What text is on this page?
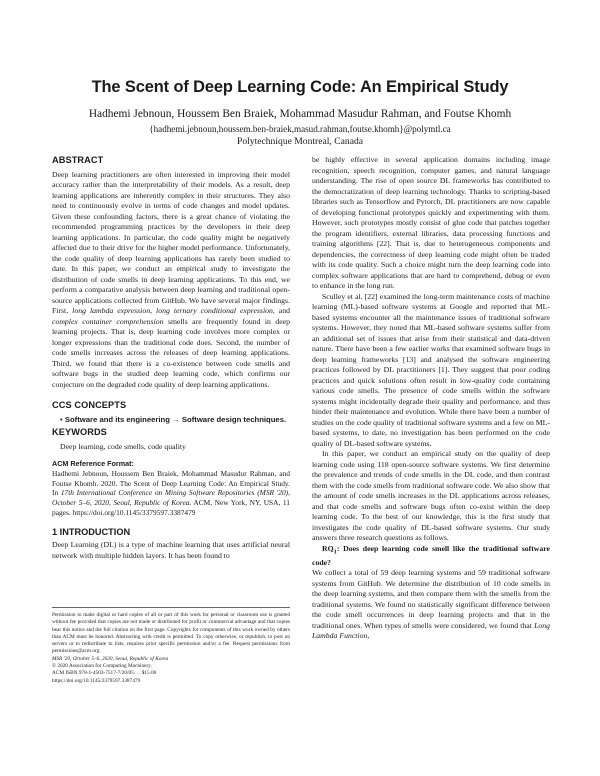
The Scent of Deep Learning Code: An Empirical Study
Hadhemi Jebnoun, Houssem Ben Braiek, Mohammad Masudur Rahman, and Foutse Khomh
{hadhemi.jebnoun,houssem.ben-braiek,masud.rahman,foutse.khomh}@polymtl.ca
Polytechnique Montreal, Canada
ABSTRACT

Deep learning practitioners are often interested in improving their model accuracy rather than the interpretability of their models. As a result, deep learning applications are inherently complex in their structures. They also need to continuously evolve in terms of code changes and model updates. Given these confounding factors, there is a great chance of violating the recommended programming practices by the developers in their deep learning applications. In particular, the code quality might be negatively affected due to their drive for the higher model performance. Unfortunately, the code quality of deep learning applications has rarely been studied to date. In this paper, we conduct an empirical study to investigate the distribution of code smells in deep learning applications. To this end, we perform a comparative analysis between deep learning and traditional open-source applications collected from GitHub. We have several major findings. First, long lambda expression, long ternary conditional expression, and complex container comprehension smells are frequently found in deep learning projects. That is, deep learning code involves more complex or longer expressions than the traditional code does. Second, the number of code smells increases across the releases of deep learning applications. Third, we found that there is a co-existence between code smells and software bugs in the studied deep learning code, which confirms our conjecture on the degraded code quality of deep learning applications.

CCS CONCEPTS

• Software and its engineering → Software design techniques.

KEYWORDS

Deep learning, code smells, code quality

ACM Reference Format:
Hadhemi Jebnoun, Houssem Ben Braiek, Mohammad Masudur Rahman, and Foutse Khomh. 2020. The Scent of Deep Learning Code: An Empirical Study. In 17th International Conference on Mining Software Repositories (MSR '20), October 5–6, 2020, Seoul, Republic of Korea. ACM, New York, NY, USA, 11 pages. https://doi.org/10.1145/3379597.3387479

1 INTRODUCTION

Deep Learning (DL) is a type of machine learning that uses artificial neural network with multiple hidden layers. It has been found to

Permission to make digital or hard copies of all or part of this work for personal or classroom use is granted without fee provided that copies are not made or distributed for profit or commercial advantage and that copies bear this notice and the full citation on the first page. Copyrights for components of this work owned by others than ACM must be honored. Abstracting with credit is permitted. To copy otherwise, or republish, to post on servers or to redistribute to lists, requires prior specific permission and/or a fee. Request permissions from permissions@acm.org.

MSR '20, October 5–6, 2020, Seoul, Republic of Korea

© 2020 Association for Computing Machinery.

ACM ISBN 978-1-4503-7517-7/20/05. . . $15.00

https://doi.org/10.1145/3379597.3387479

be highly effective in several application domains including image recognition, speech recognition, computer games, and natural language understanding. The rise of open source DL frameworks has contributed to the democratization of deep learning technology. Thanks to scripting-based libraries such as Tensorflow and Pytorch, DL practitioners are now capable of developing functional prototypes quickly and experimenting with them. However, such prototypes mostly consist of glue code that patches together the program identifiers, external libraries, data processing functions and training algorithms [22]. That is, due to heterogeneous components and dependencies, the correctness of deep learning code might often be traded with its code quality. Such a choice might turn the deep learning code into complex software applications that are hard to comprehend, debug or even to enhance in the long run.

Sculley et al. [22] examined the long-term maintenance costs of machine learning (ML)-based software systems at Google and reported that ML-based systems encounter all the maintenance issues of traditional software systems. However, they noted that ML-based software systems suffer from an additional set of issues that arise from their statistical and data-driven nature. There have been a few earlier works that examined software bugs in deep learning frameworks [13] and analysed the software engineering practices followed by DL practitioners [1]. They suggest that poor coding practices and quick solutions often result in low-quality code containing various code smells. The presence of code smells within the software systems might incidentally degrade their quality and performance, and thus hinder their maintenance and evolution. While there have been a number of studies on the code quality of traditional software systems and a few on ML-based systems, to date, no investigation has been performed on the code quality of DL-based software systems.

In this paper, we conduct an empirical study on the quality of deep learning code using 118 open-source software systems. We first determine the prevalence and trends of code smells in the DL code, and then contrast them with the code smells from traditional software code. We also show that the amount of code smells increases in the DL applications across releases, and that code smells and software bugs often co-exist within the deep learning code. To the best of our knowledge, this is the first study that investigates the code quality of DL-based software systems. Our study answers three research questions as follows.

$RQ_1$: Does deep learning code smell like the traditional software code?

We collect a total of 59 deep learning systems and 59 traditional software systems from GitHub. We determine the distribution of 10 code smells in the deep learning systems, and then compare them with the smells from the traditional systems. We found no statistically significant difference between the code smell occurrences in deep learning projects and that in the traditional ones. When types of smells were considered, we found that Long Lambda Function,
